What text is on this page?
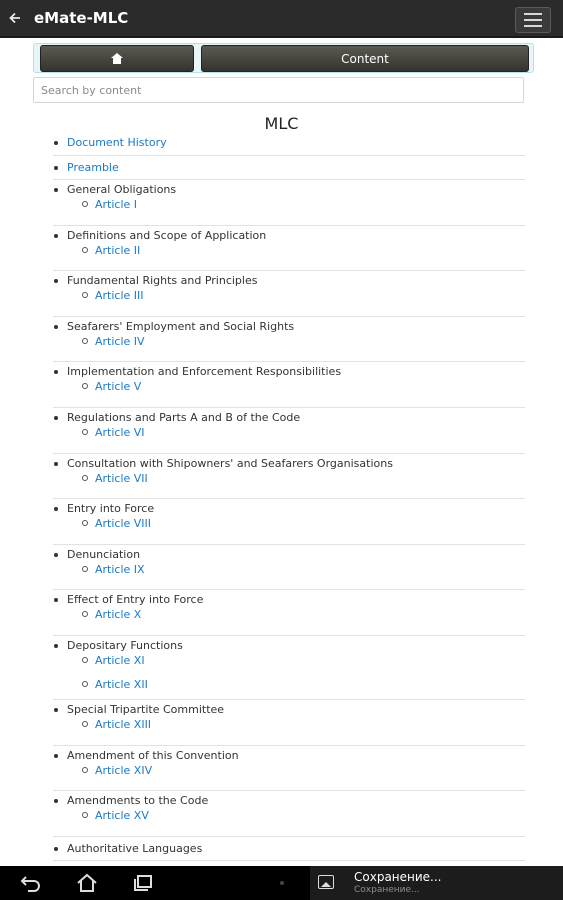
eMate-MLC
Content
Search by content
MLC
Document History
Preamble
General Obligations
Article I
Definitions and Scope of Application
Article II
Fundamental Rights and Principles
Article III
Seafarers' Employment and Social Rights
Article IV
Implementation and Enforcement Responsibilities
Article V
Regulations and Parts A and B of the Code
Article VI
Consultation with Shipowners' and Seafarers Organisations
Article VII
Entry into Force
Article VIII
Denunciation
Article IX
Effect of Entry into Force
Article X
Depositary Functions
Article XI
Article XII
Special Tripartite Committee
Article XIII
Amendment of this Convention
Article XIV
Amendments to the Code
Article XV
Authoritative Languages
Сохранение...
Сохранение...
